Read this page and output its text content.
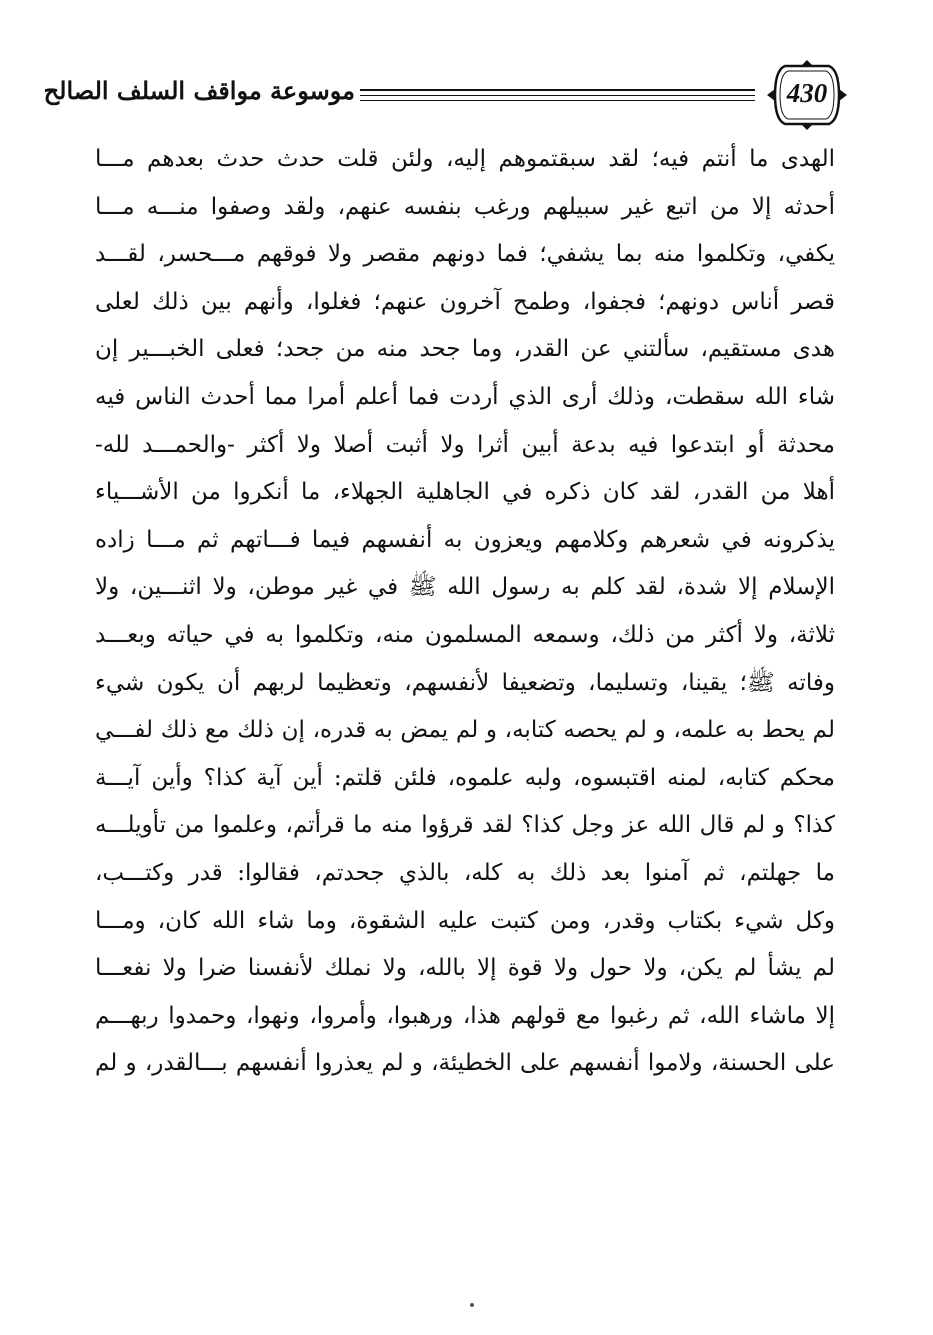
موسوعة مواقف السلف الصالح	430
الهدى ما أنتم فيه؛ لقد سبقتموهم إليه، ولئن قلت حدث حدث بعدهم مـــا
أحدثه إلا من اتبع غير سبيلهم ورغب بنفسه عنهم، ولقد وصفوا منـــه مـــا
يكفي، وتكلموا منه بما يشفي؛ فما دونهم مقصر ولا فوقهم مـــحسر، لقـــد
قصر أناس دونهم؛ فجفوا، وطمح آخرون عنهم؛ فغلوا، وأنهم بين ذلك لعلى
هدى مستقيم، سألتني عن القدر، وما جحد منه من جحد؛ فعلى الخبـــير إن
شاء الله سقطت، وذلك أرى الذي أردت فما أعلم أمرا مما أحدث الناس فيه
محدثة أو ابتدعوا فيه بدعة أبين أثرا ولا أثبت أصلا ولا أكثر -والحمـــد لله-
أهلا من القدر، لقد كان ذكره في الجاهلية الجهلاء، ما أنكروا من الأشـــياء
يذكرونه في شعرهم وكلامهم ويعزون به أنفسهم فيما فـــاتهم ثم مـــا زاده
الإسلام إلا شدة، لقد كلم به رسول الله ﷺ في غير موطن، ولا اثنـــين، ولا
ثلاثة، ولا أكثر من ذلك، وسمعه المسلمون منه، وتكلموا به في حياته وبعـــد
وفاته ﷺ؛ يقينا، وتسليما، وتضعيفا لأنفسهم، وتعظيما لربهم أن يكون شيء
لم يحط به علمه، و لم يحصه كتابه، و لم يمض به قدره، إن ذلك مع ذلك لفـــي
محكم كتابه، لمنه اقتبسوه، ولبه علموه، فلئن قلتم: أين آية كذا؟ وأين آيـــة
كذا؟ و لم قال الله عز وجل كذا؟ لقد قرؤوا منه ما قرأتم، وعلموا من تأويلـــه
ما جهلتم، ثم آمنوا بعد ذلك به كله، بالذي جحدتم، فقالوا: قدر وكتـــب،
وكل شيء بكتاب وقدر، ومن كتبت عليه الشقوة، وما شاء الله كان، ومـــا
لم يشأ لم يكن، ولا حول ولا قوة إلا بالله، ولا نملك لأنفسنا ضرا ولا نفعـــا
إلا ماشاء الله، ثم رغبوا مع قولهم هذا، ورهبوا، وأمروا، ونهوا، وحمدوا ربهـــم
على الحسنة، ولاموا أنفسهم على الخطيئة، و لم يعذروا أنفسهم بـــالقدر، و لم
